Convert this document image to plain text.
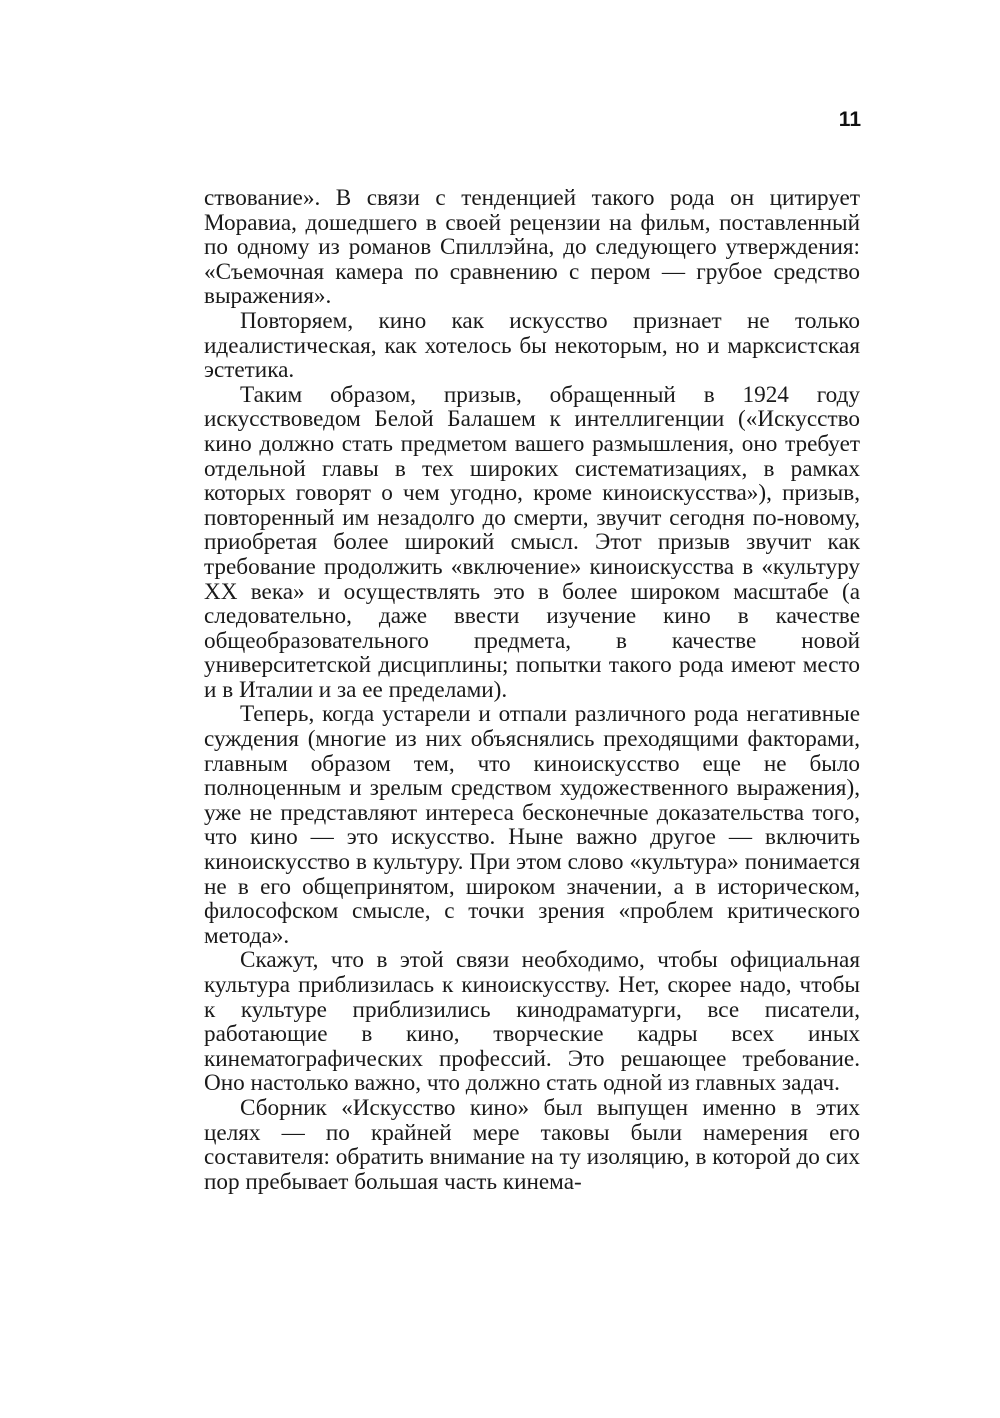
11

ствование». В связи с тенденцией такого рода он цитирует Моравиа, дошедшего в своей рецензии на фильм, поставленный по одному из романов Спиллэйна, до следующего утверждения: «Съемочная камера по сравнению с пером — грубое средство выражения».

Повторяем, кино как искусство признает не только идеалистическая, как хотелось бы некоторым, но и марксистская эстетика.

Таким образом, призыв, обращенный в 1924 году искусствоведом Белой Балашем к интеллигенции («Искусство кино должно стать предметом вашего размышления, оно требует отдельной главы в тех широких систематизациях, в рамках которых говорят о чем угодно, кроме киноискусства»), призыв, повторенный им незадолго до смерти, звучит сегодня по-новому, приобретая более широкий смысл. Этот призыв звучит как требование продолжить «включение» киноискусства в «культуру XX века» и осуществлять это в более широком масштабе (а следовательно, даже ввести изучение кино в качестве общеобразовательного предмета, в качестве новой университетской дисциплины; попытки такого рода имеют место и в Италии и за ее пределами).

Теперь, когда устарели и отпали различного рода негативные суждения (многие из них объяснялись преходящими факторами, главным образом тем, что киноискусство еще не было полноценным и зрелым средством художественного выражения), уже не представляют интереса бесконечные доказательства того, что кино — это искусство. Ныне важно другое — включить киноискусство в культуру. При этом слово «культура» понимается не в его общепринятом, широком значении, а в историческом, философском смысле, с точки зрения «проблем критического метода».

Скажут, что в этой связи необходимо, чтобы официальная культура приблизилась к киноискусству. Нет, скорее надо, чтобы к культуре приблизились кинодраматурги, все писатели, работающие в кино, творческие кадры всех иных кинематографических профессий. Это решающее требование. Оно настолько важно, что должно стать одной из главных задач.

Сборник «Искусство кино» был выпущен именно в этих целях — по крайней мере таковы были намерения его составителя: обратить внимание на ту изоляцию, в которой до сих пор пребывает большая часть кинема-
